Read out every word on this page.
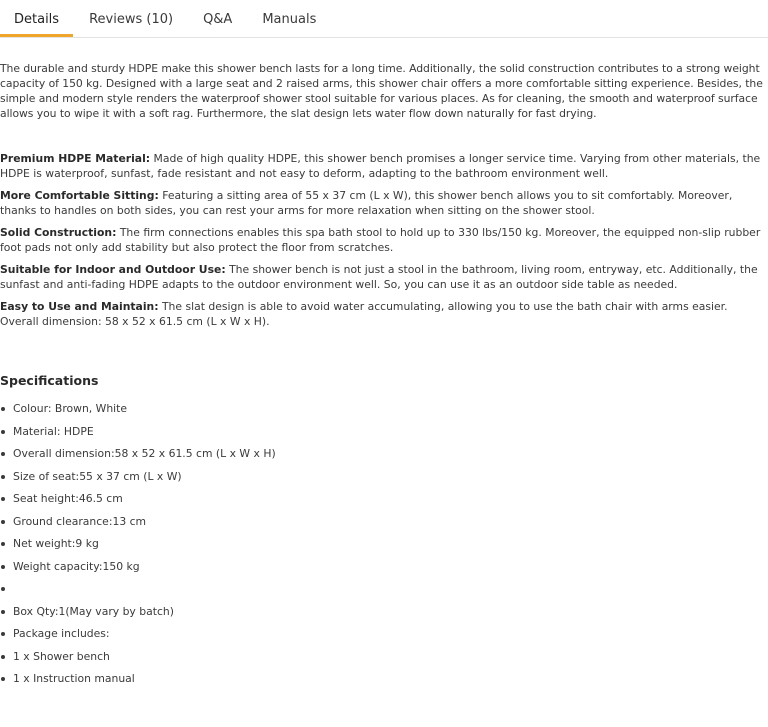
Details	Reviews (10) Q&A Manuals

The durable and sturdy HDPE make this shower bench lasts for a long time. Additionally, the solid construction contributes to a strong weight capacity of 150 kg. Designed with a large seat and 2 raised arms, this shower chair offers a more comfortable sitting experience. Besides, the simple and modern style renders the waterproof shower stool suitable for various places. As for cleaning, the smooth and waterproof surface allows you to wipe it with a soft rag. Furthermore, the slat design lets water flow down naturally for fast drying.

Premium HDPE Material: Made of high quality HDPE, this shower bench promises a longer service time. Varying from other materials, the HDPE is waterproof, sunfast, fade resistant and not easy to deform, adapting to the bathroom environment well.

More Comfortable Sitting: Featuring a sitting area of 55 x 37 cm (L x W), this shower bench allows you to sit comfortably. Moreover, thanks to handles on both sides, you can rest your arms for more relaxation when sitting on the shower stool.

Solid Construction: The firm connections enables this spa bath stool to hold up to 330 lbs/150 kg. Moreover, the equipped non-slip rubber foot pads not only add stability but also protect the floor from scratches.

Suitable for Indoor and Outdoor Use: The shower bench is not just a stool in the bathroom, living room, entryway, etc. Additionally, the sunfast and anti-fading HDPE adapts to the outdoor environment well. So, you can use it as an outdoor side table as needed.

Easy to Use and Maintain: The slat design is able to avoid water accumulating, allowing you to use the bath chair with arms easier. Overall dimension: 58 x 52 x 61.5 cm (L x W x H).

Specifications
Colour: Brown, White
Material: HDPE
Overall dimension:58 x 52 x 61.5 cm (L x W x H)
Size of seat:55 x 37 cm (L x W)
Seat height:46.5 cm
Ground clearance:13 cm
Net weight:9 kg
Weight capacity:150 kg
Box Qty:1(May vary by batch)
Package includes:
1 x Shower bench
1 x Instruction manual
